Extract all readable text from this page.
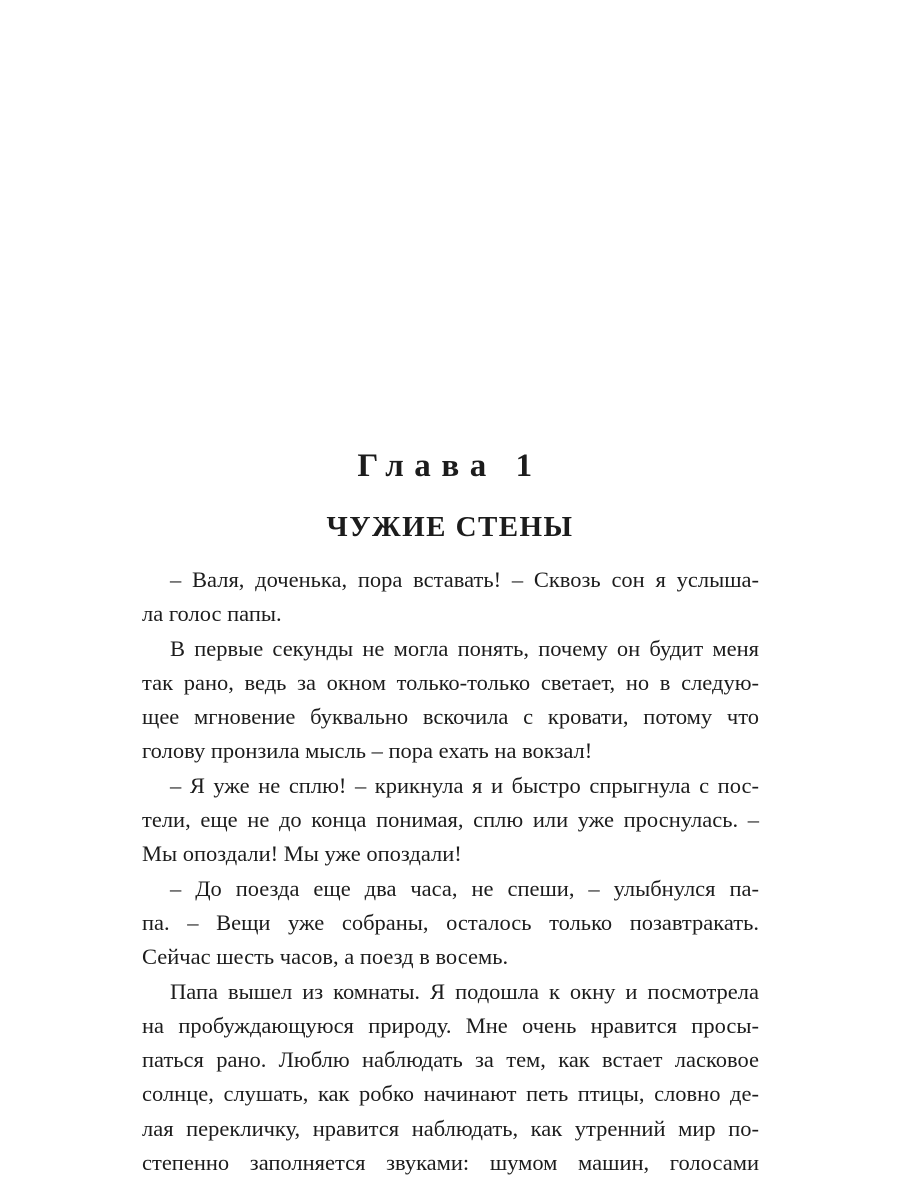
Глава 1
ЧУЖИЕ СТЕНЫ
– Валя, доченька, пора вставать! – Сквозь сон я услыша-
ла голос папы.
В первые секунды не могла понять, почему он будит меня
так рано, ведь за окном только-только светает, но в следую-
щее мгновение буквально вскочила с кровати, потому что
голову пронзила мысль – пора ехать на вокзал!
– Я уже не сплю! – крикнула я и быстро спрыгнула с пос-
тели, еще не до конца понимая, сплю или уже проснулась. –
Мы опоздали! Мы уже опоздали!
– До поезда еще два часа, не спеши, – улыбнулся па-
па. – Вещи уже собраны, осталось только позавтракать.
Сейчас шесть часов, а поезд в восемь.
Папа вышел из комнаты. Я подошла к окну и посмотрела
на пробуждающуюся природу. Мне очень нравится просы-
паться рано. Люблю наблюдать за тем, как встает ласковое
солнце, слушать, как робко начинают петь птицы, словно де-
лая перекличку, нравится наблюдать, как утренний мир по-
степенно заполняется звуками: шумом машин, голосами
